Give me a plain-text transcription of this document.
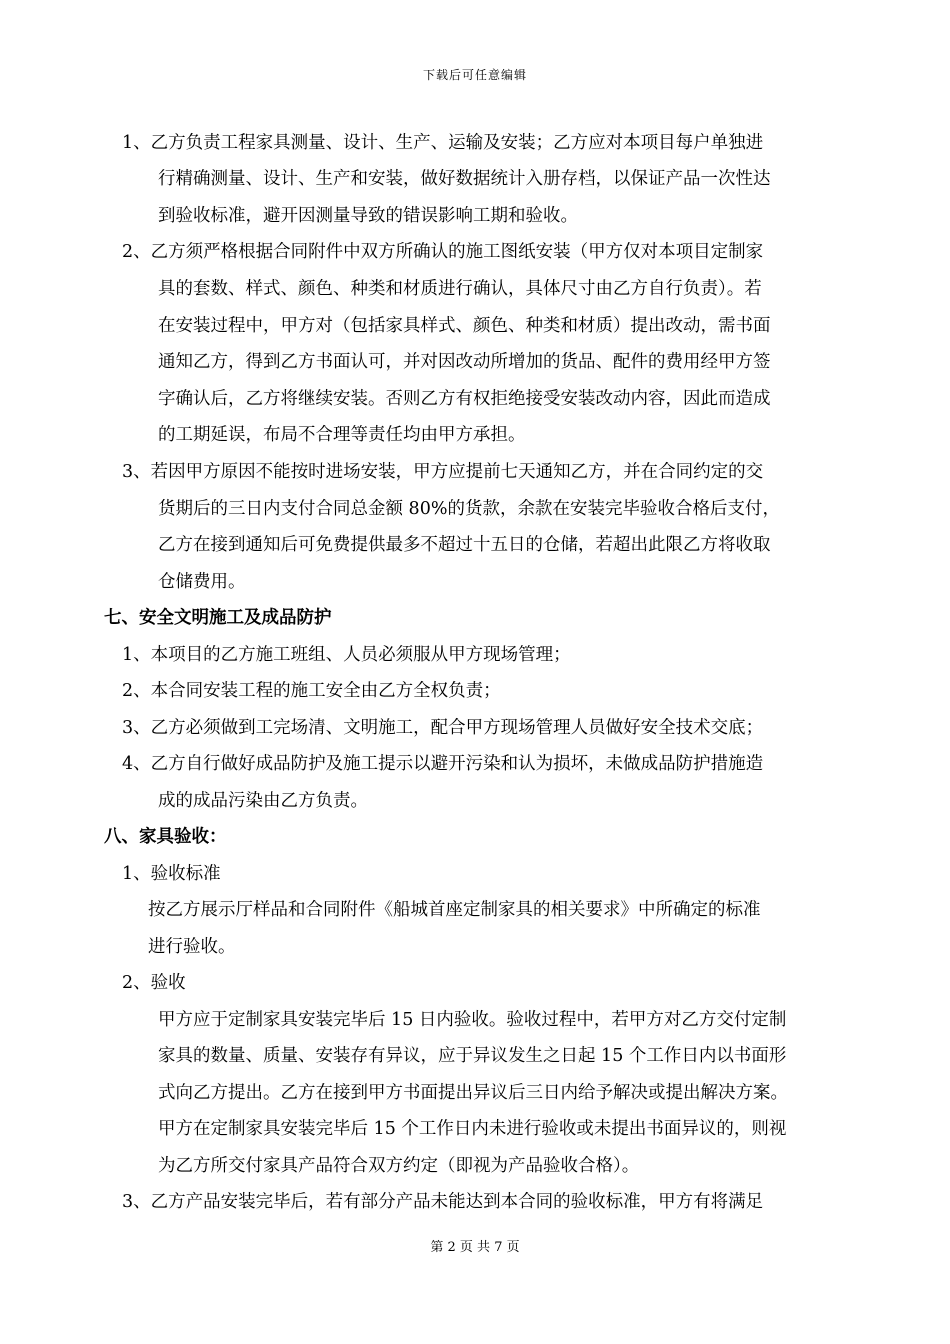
下载后可任意编辑
1、乙方负责工程家具测量、设计、生产、运输及安装；乙方应对本项目每户单独进
行精确测量、设计、生产和安装，做好数据统计入册存档，以保证产品一次性达
到验收标准，避开因测量导致的错误影响工期和验收。
2、乙方须严格根据合同附件中双方所确认的施工图纸安装（甲方仅对本项目定制家
具的套数、样式、颜色、种类和材质进行确认，具体尺寸由乙方自行负责）。若
在安装过程中，甲方对（包括家具样式、颜色、种类和材质）提出改动，需书面
通知乙方，得到乙方书面认可，并对因改动所增加的货品、配件的费用经甲方签
字确认后，乙方将继续安装。否则乙方有权拒绝接受安装改动内容，因此而造成
的工期延误，布局不合理等责任均由甲方承担。
3、若因甲方原因不能按时进场安装，甲方应提前七天通知乙方，并在合同约定的交
货期后的三日内支付合同总金额 80%的货款，余款在安装完毕验收合格后支付，
乙方在接到通知后可免费提供最多不超过十五日的仓储，若超出此限乙方将收取
仓储费用。
七、安全文明施工及成品防护
1、本项目的乙方施工班组、人员必须服从甲方现场管理；
2、本合同安装工程的施工安全由乙方全权负责；
3、乙方必须做到工完场清、文明施工，配合甲方现场管理人员做好安全技术交底；
4、乙方自行做好成品防护及施工提示以避开污染和认为损坏，未做成品防护措施造
成的成品污染由乙方负责。
八、家具验收：
1、验收标准
按乙方展示厅样品和合同附件《船城首座定制家具的相关要求》中所确定的标准
进行验收。
2、验收
甲方应于定制家具安装完毕后 15 日内验收。验收过程中，若甲方对乙方交付定制
家具的数量、质量、安装存有异议，应于异议发生之日起 15 个工作日内以书面形
式向乙方提出。乙方在接到甲方书面提出异议后三日内给予解决或提出解决方案。
甲方在定制家具安装完毕后 15 个工作日内未进行验收或未提出书面异议的，则视
为乙方所交付家具产品符合双方约定（即视为产品验收合格）。
3、乙方产品安装完毕后，若有部分产品未能达到本合同的验收标准，甲方有将满足
第 2 页 共 7 页
